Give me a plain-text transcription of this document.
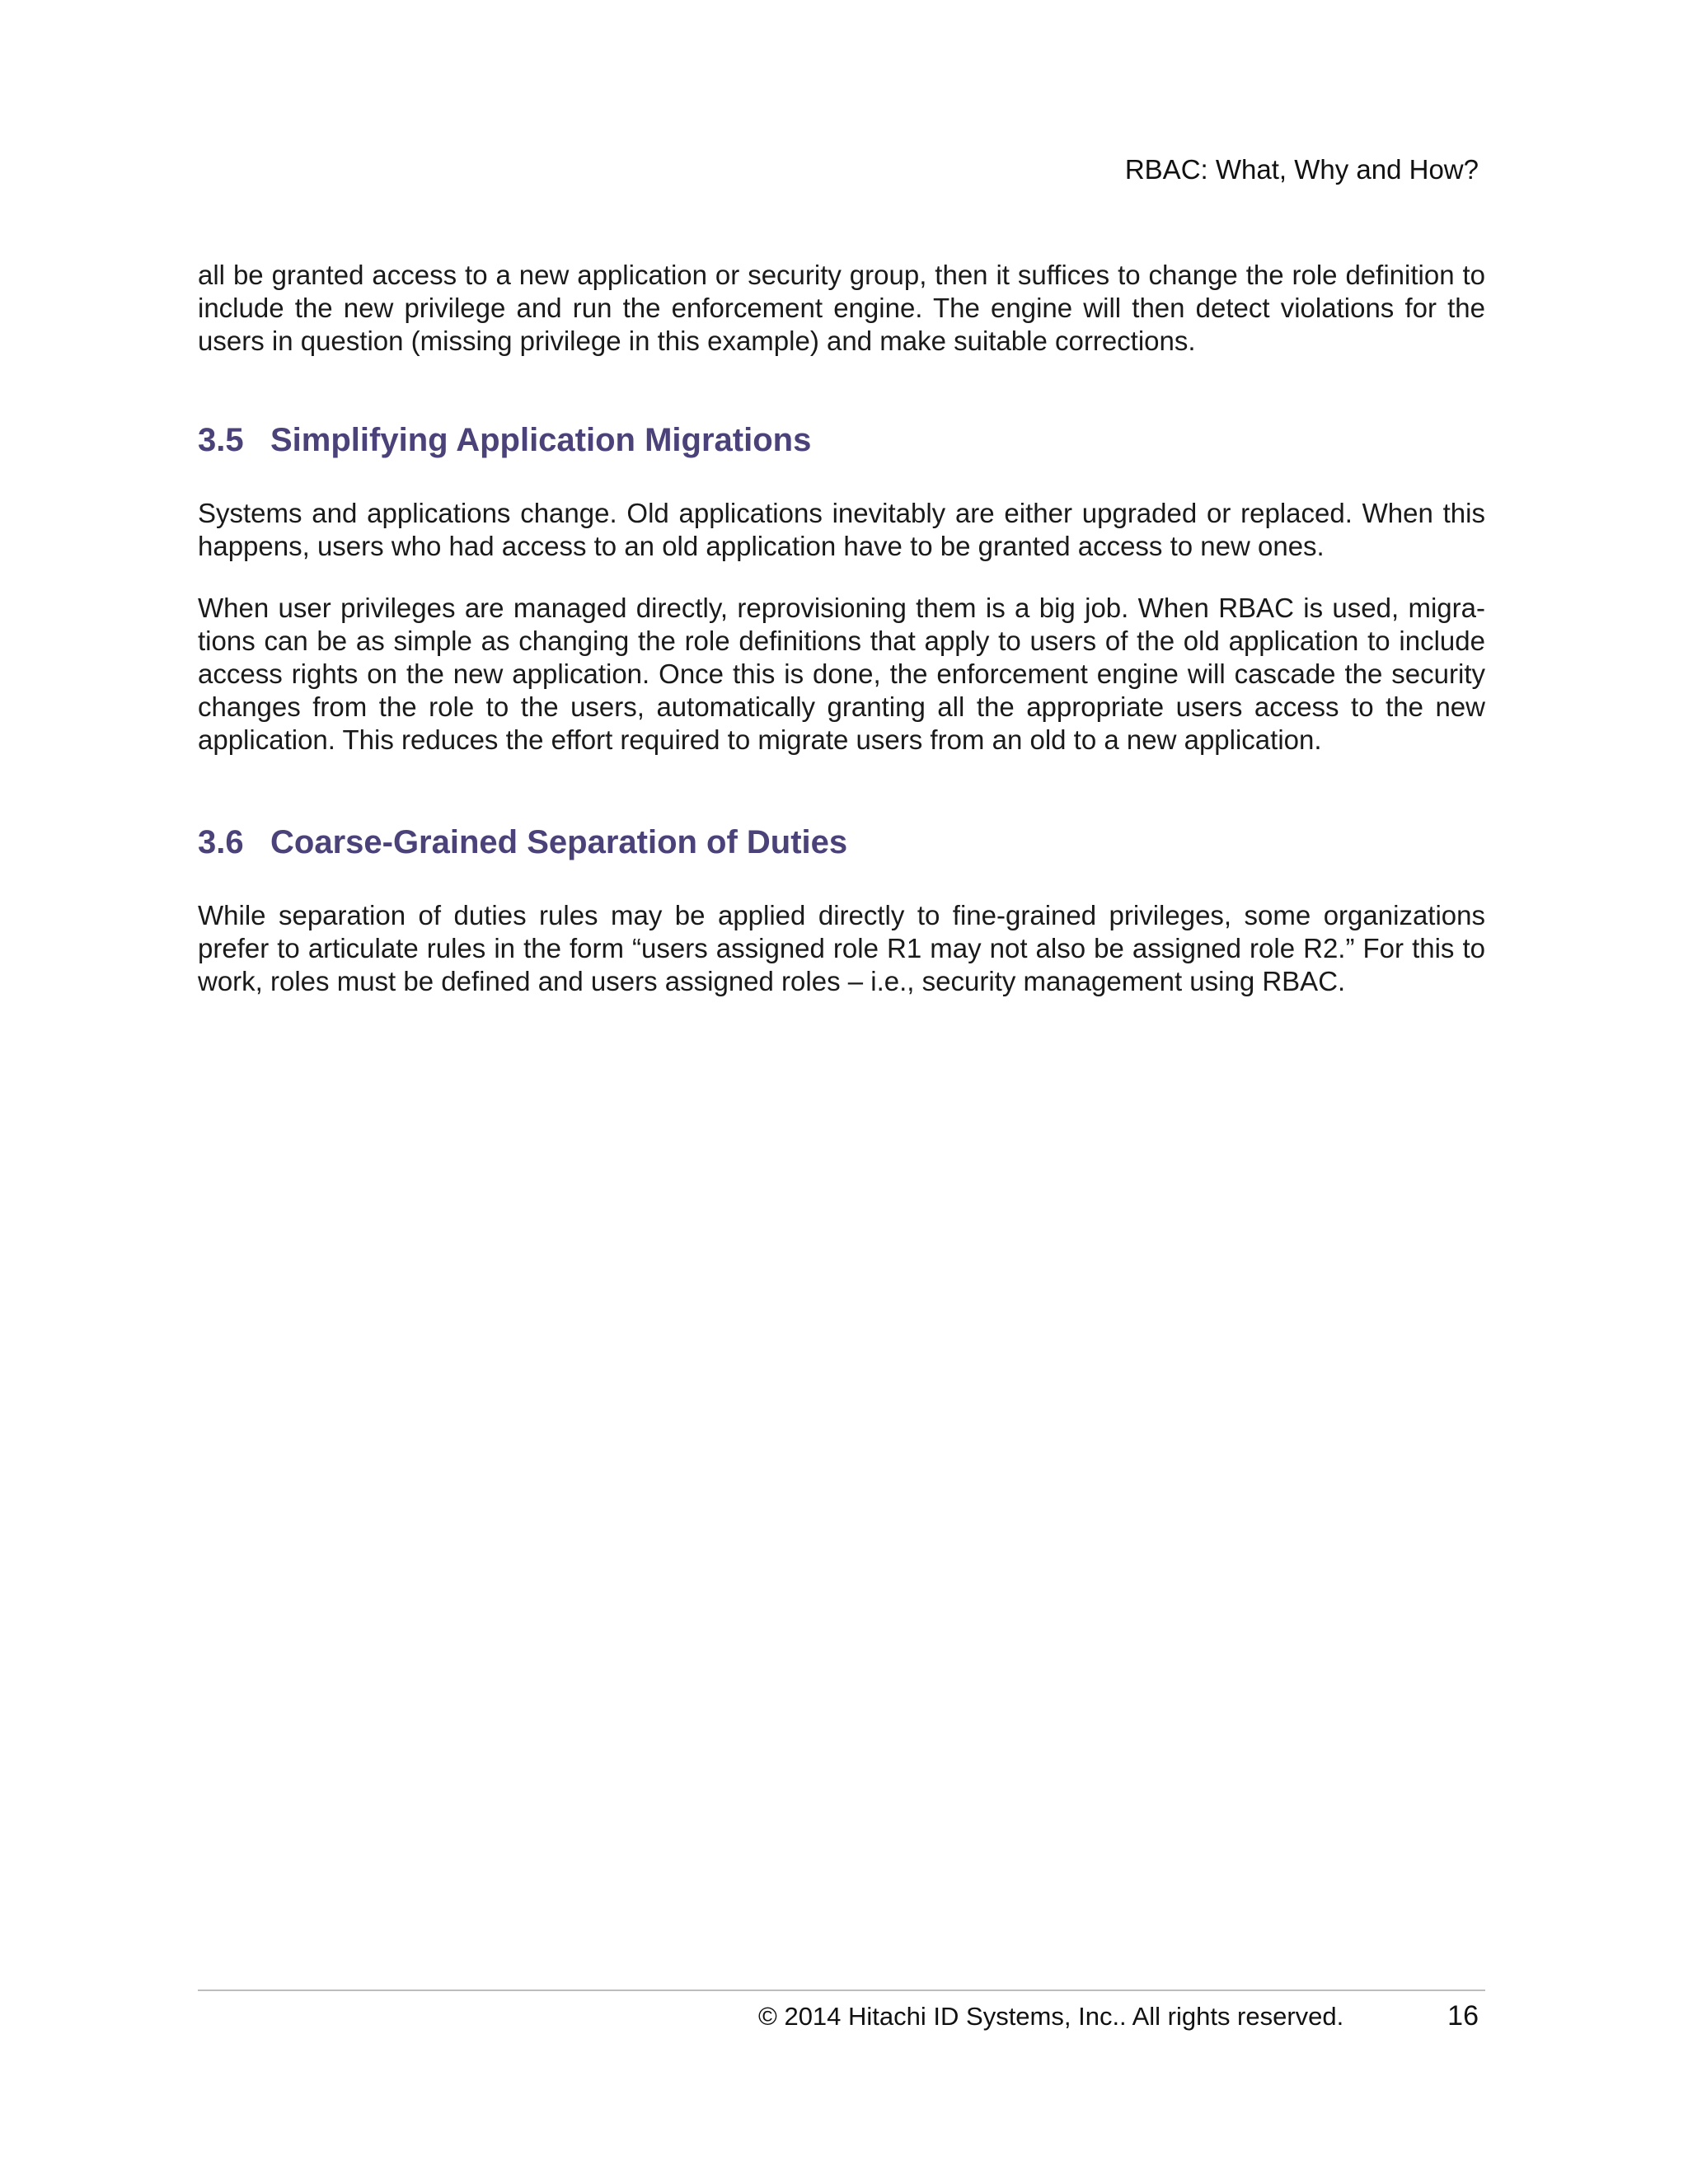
RBAC: What, Why and How?

all be granted access to a new application or security group, then it suffices to change the role definition to include the new privilege and run the enforcement engine. The engine will then detect violations for the users in question (missing privilege in this example) and make suitable corrections.

3.5 Simplifying Application Migrations

Systems and applications change. Old applications inevitably are either upgraded or replaced. When this happens, users who had access to an old application have to be granted access to new ones.

When user privileges are managed directly, reprovisioning them is a big job. When RBAC is used, migrations can be as simple as changing the role definitions that apply to users of the old application to include access rights on the new application. Once this is done, the enforcement engine will cascade the security changes from the role to the users, automatically granting all the appropriate users access to the new application. This reduces the effort required to migrate users from an old to a new application.

3.6 Coarse-Grained Separation of Duties

While separation of duties rules may be applied directly to fine-grained privileges, some organizations prefer to articulate rules in the form “users assigned role R1 may not also be assigned role R2.” For this to work, roles must be defined and users assigned roles – i.e., security management using RBAC.

© 2014 Hitachi ID Systems, Inc.. All rights reserved.	16
